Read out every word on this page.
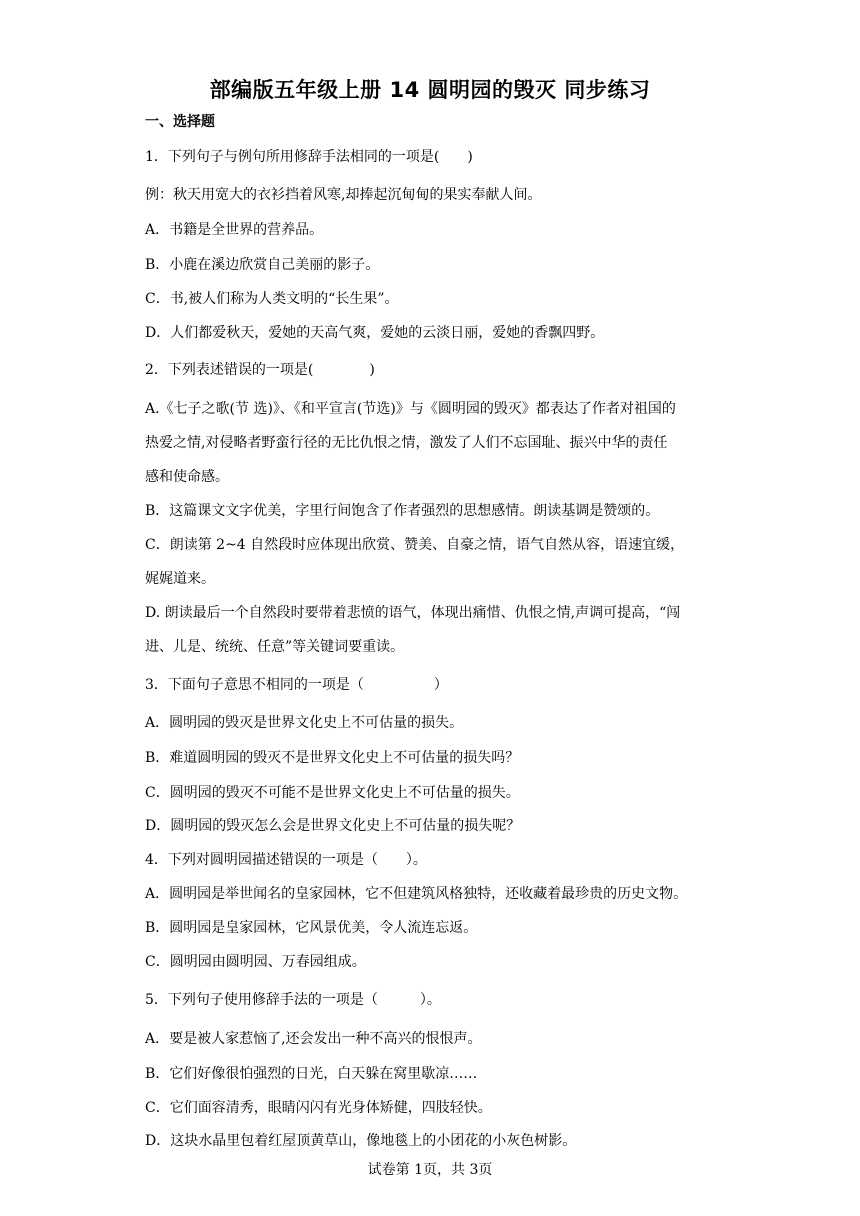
部编版五年级上册 14 圆明园的毁灭 同步练习
一、选择题
1．下列句子与例句所用修辞手法相同的一项是(　　)
例：秋天用宽大的衣衫挡着风寒,却捧起沉甸甸的果实奉献人间。
A．书籍是全世界的营养品。
B．小鹿在溪边欣赏自己美丽的影子。
C．书,被人们称为人类文明的“长生果”。
D．人们都爱秋天，爱她的天高气爽，爱她的云淡日丽，爱她的香飘四野。
2．下列表述错误的一项是(　　　　)
A.《七子之歌(节 选)》、《和平宣言(节选)》与《圆明园的毁灭》都表达了作者对祖国的
热爱之情,对侵略者野蛮行径的无比仇恨之情，激发了人们不忘国耻、振兴中华的责任
感和使命感。
B．这篇课文文字优美，字里行间饱含了作者强烈的思想感情。朗读基调是赞颂的。
C．朗读第 2~4 自然段时应体现出欣赏、赞美、自豪之情，语气自然从容，语速宜缓，
娓娓道来。
D. 朗读最后一个自然段时要带着悲愤的语气，体现出痛惜、仇恨之情,声调可提高，“闯
进、儿是、统统、任意”等关键词要重读。
3．下面句子意思不相同的一项是（　　　　　）
A．圆明园的毁灭是世界文化史上不可估量的损失。
B．难道圆明园的毁灭不是世界文化史上不可估量的损失吗？
C．圆明园的毁灭不可能不是世界文化史上不可估量的损失。
D．圆明园的毁灭怎么会是世界文化史上不可估量的损失呢？
4．下列对圆明园描述错误的一项是（　　）。
A．圆明园是举世闻名的皇家园林，它不但建筑风格独特，还收藏着最珍贵的历史文物。
B．圆明园是皇家园林，它风景优美，令人流连忘返。
C．圆明园由圆明园、万春园组成。
5．下列句子使用修辞手法的一项是（　　　）。
A．要是被人家惹恼了,还会发出一种不高兴的恨恨声。
B．它们好像很怕强烈的日光，白天躲在窝里歇凉……
C．它们面容清秀，眼睛闪闪有光身体矫健，四肢轻快。
D．这块水晶里包着红屋顶黄草山，像地毯上的小团花的小灰色树影。
试卷第 1页，共 3页
